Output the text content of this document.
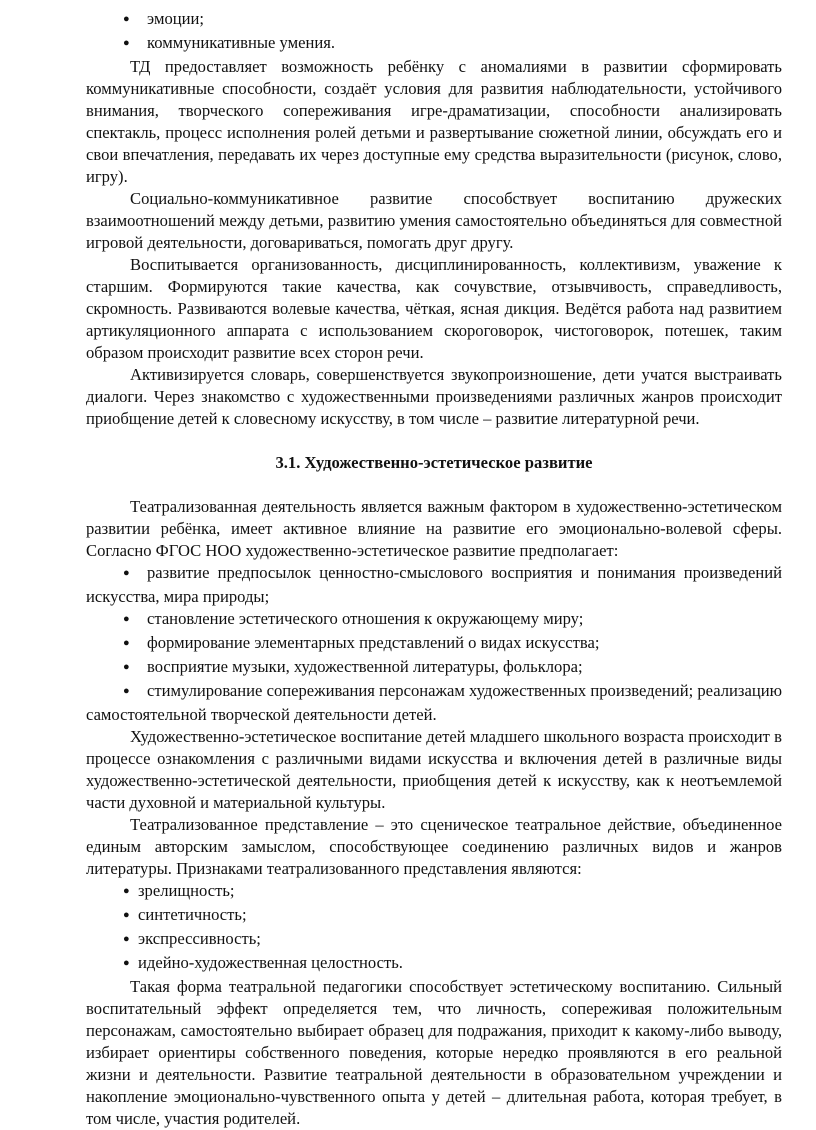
●	эмоции;
●	коммуникативные умения.

ТД предоставляет возможность ребёнку с аномалиями в развитии сформировать коммуникативные способности, создаёт условия для развития наблюдательности, устойчивого внимания, творческого сопереживания игре-драматизации, способности анализировать спектакль, процесс исполнения ролей детьми и развертывание сюжетной линии, обсуждать его и свои впечатления, передавать их через доступные ему средства выразительности (рисунок, слово, игру).

Социально-коммуникативное развитие способствует воспитанию дружеских взаимоотношений между детьми, развитию умения самостоятельно объединяться для совместной игровой деятельности, договариваться, помогать друг другу.

Воспитывается организованность, дисциплинированность, коллективизм, уважение к старшим. Формируются такие качества, как сочувствие, отзывчивость, справедливость, скромность. Развиваются волевые качества, чёткая, ясная дикция. Ведётся работа над развитием артикуляционного аппарата с использованием скороговорок, чистоговорок, потешек, таким образом происходит развитие всех сторон речи.

Активизируется словарь, совершенствуется звукопроизношение, дети учатся выстраивать диалоги. Через знакомство с художественными произведениями различных жанров происходит приобщение детей к словесному искусству, в том числе – развитие литературной речи.

3.1. Художественно-эстетическое развитие

Театрализованная деятельность является важным фактором в художественно-эстетическом развитии ребёнка, имеет активное влияние на развитие его эмоционально-волевой сферы. Согласно ФГОС НОО художественно-эстетическое развитие предполагает:

● развитие предпосылок ценностно-смыслового восприятия и понимания произведений искусства, мира природы;

●	становление эстетического отношения к окружающему миру;
●	формирование элементарных представлений о видах искусства;
●	восприятие музыки, художественной литературы, фольклора;

● стимулирование сопереживания персонажам художественных произведений; реализацию самостоятельной творческой деятельности детей.

Художественно-эстетическое воспитание детей младшего школьного возраста происходит в процессе ознакомления с различными видами искусства и включения детей в различные виды художественно-эстетической деятельности, приобщения детей к искусству, как к неотъемлемой части духовной и материальной культуры.

Театрализованное представление – это сценическое театральное действие, объединенное единым авторским замыслом, способствующее соединению различных видов и жанров литературы. Признаками театрализованного представления являются:

● зрелищность;
● синтетичность;
● экспрессивность;
● идейно-художественная целостность.

Такая форма театральной педагогики способствует эстетическому воспитанию. Сильный воспитательный эффект определяется тем, что личность, сопереживая положительным персонажам, самостоятельно выбирает образец для подражания, приходит к какому-либо выводу, избирает ориентиры собственного поведения, которые нередко проявляются в его реальной жизни и деятельности. Развитие театральной деятельности в образовательном учреждении и накопление эмоционально-чувственного опыта у детей – длительная работа, которая требует, в том числе, участия родителей.
